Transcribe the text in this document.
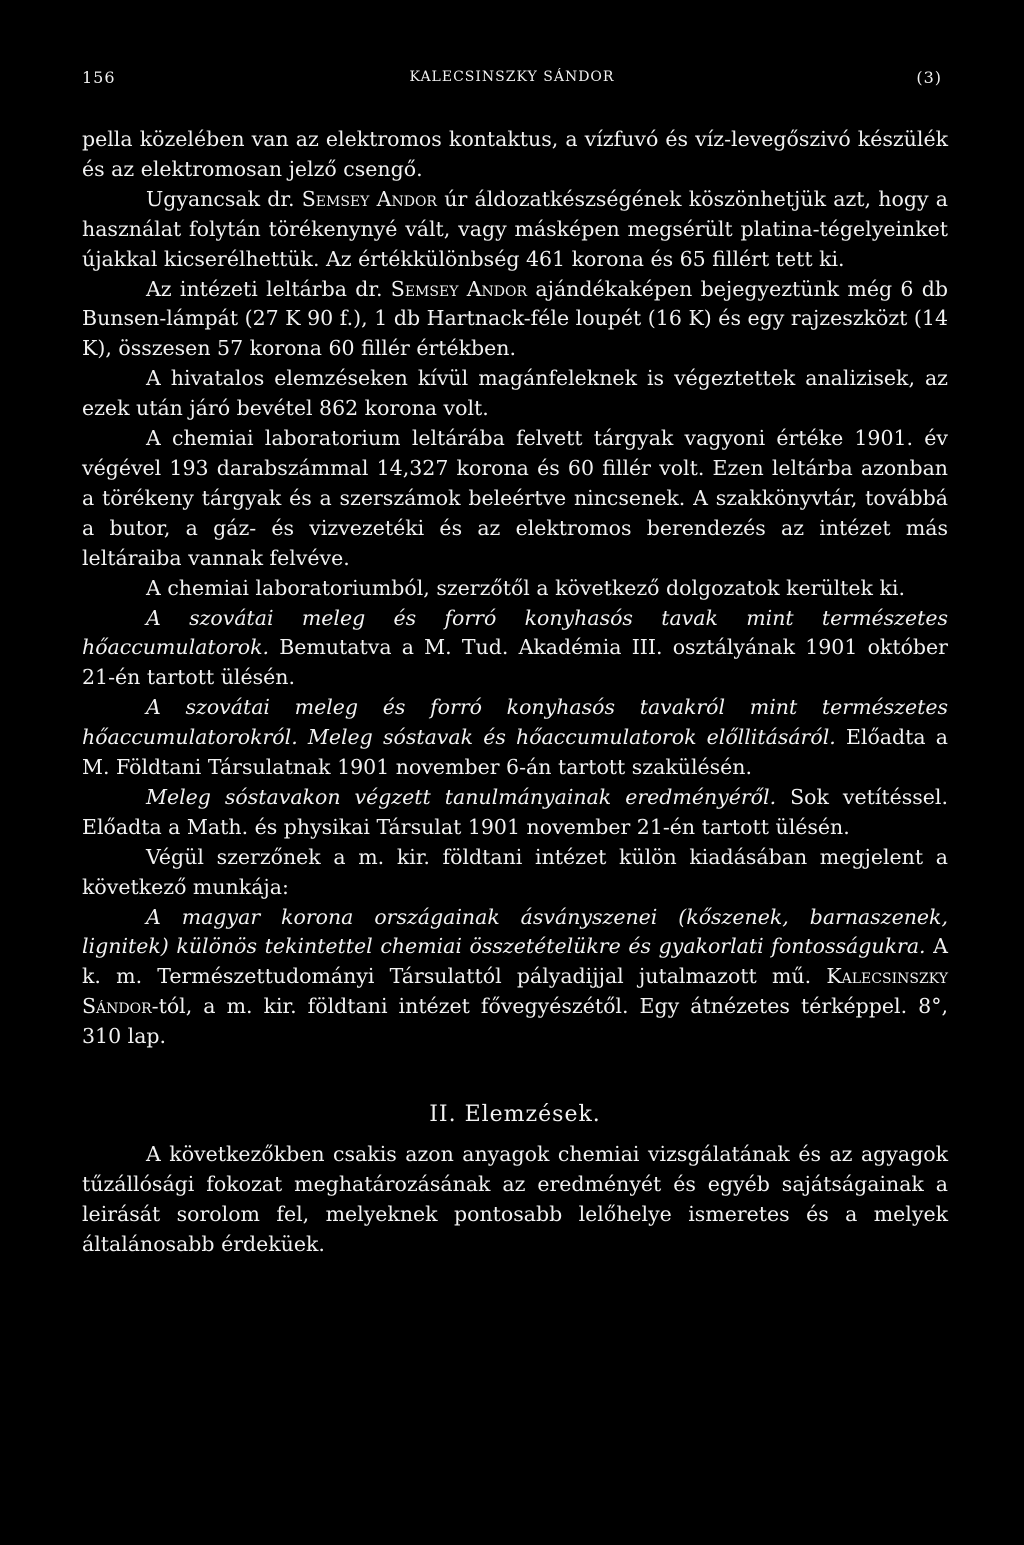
156	KALECSINSZKY SÁNDOR	(3)

pella közelében van az elektromos kontaktus, a vízfuvó és víz-levegőszivó készülék és az elektromosan jelző csengő.

Ugyancsak dr. Semsey Andor úr áldozatkészségének köszönhetjük azt, hogy a használat folytán törékenynyé vált, vagy másképen megsérült platina-tégelyeinket újakkal kicserélhettük. Az értékkülönbség 461 korona és 65 fillért tett ki.

Az intézeti leltárba dr. Semsey Andor ajándékaképen bejegyeztünk még 6 db Bunsen-lámpát (27 K 90 f.), 1 db Hartnack-féle loupét (16 K) és egy rajzeszközt (14 K), összesen 57 korona 60 fillér értékben.

A hivatalos elemzéseken kívül magánfeleknek is végeztettek analizisek, az ezek után járó bevétel 862 korona volt.

A chemiai laboratorium leltárába felvett tárgyak vagyoni értéke 1901. év végével 193 darabszámmal 14,327 korona és 60 fillér volt. Ezen leltárba azonban a törékeny tárgyak és a szerszámok beleértve nincsenek. A szakkönyvtár, továbbá a butor, a gáz- és vizvezetéki és az elektromos berendezés az intézet más leltáraiba vannak felvéve.

A chemiai laboratoriumból, szerzőtől a következő dolgozatok kerültek ki.

A szovátai meleg és forró konyhasós tavak mint természetes hőaccumulatorok. Bemutatva a M. Tud. Akadémia III. osztályának 1901 október 21-én tartott ülésén.

A szovátai meleg és forró konyhasós tavakról mint természetes hőaccumulatorokról. Meleg sóstavak és hőaccumulatorok előllitásáról. Előadta a M. Földtani Társulatnak 1901 november 6-án tartott szakülésén.

Meleg sóstavakon végzett tanulmányainak eredményéről. Sok vetítéssel. Előadta a Math. és physikai Társulat 1901 november 21-én tartott ülésén.

Végül szerzőnek a m. kir. földtani intézet külön kiadásában megjelent a következő munkája:

A magyar korona országainak ásványszenei (kőszenek, barnaszenek, lignitek) különös tekintettel chemiai összetételükre és gyakorlati fontosságukra. A k. m. Természettudományi Társulattól pályadijjal jutalmazott mű. Kalecsinszky Sándor-tól, a m. kir. földtani intézet fővegyészétől. Egy átnézetes térképpel. 8°, 310 lap.

II. Elemzések.

A következőkben csakis azon anyagok chemiai vizsgálatának és az agyagok tűzállósági fokozat meghatározásának az eredményét és egyéb sajátságainak a leirását sorolom fel, melyeknek pontosabb lelőhelye ismeretes és a melyek általánosabb érdeküek.
